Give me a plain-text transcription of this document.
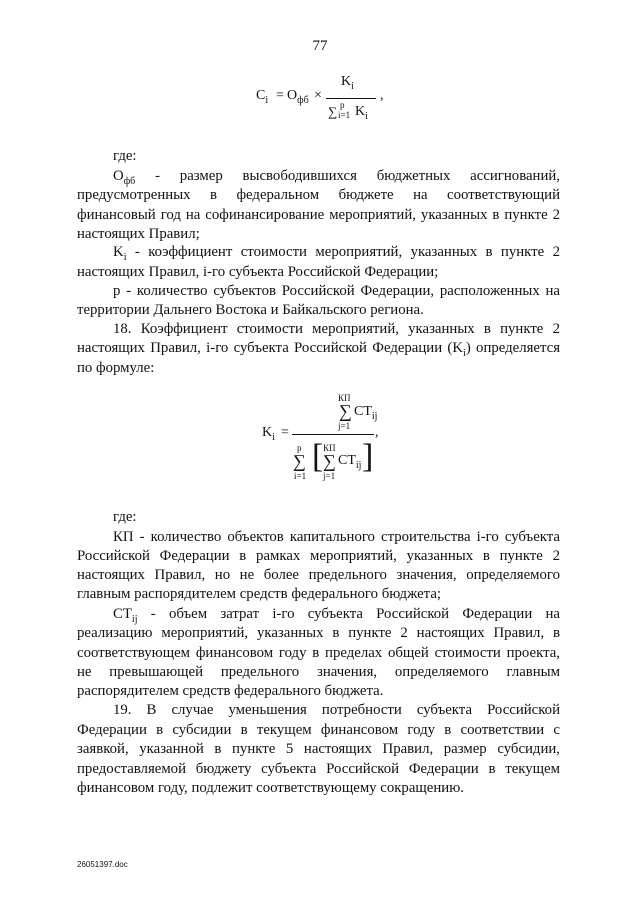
77
$C_i = O_{фб}$ ×
$K_i$
∑ p
i=1 $K_i$
,
где:
$O_{фб}$ - размер высвободившихся бюджетных ассигнований,
предусмотренных в федеральном бюджете на соответствующий
финансовый год на софинансирование мероприятий, указанных в пункте 2
настоящих Правил;
$K_i$ - коэффициент стоимости мероприятий, указанных в пункте 2
настоящих Правил, i-го субъекта Российской Федерации;
p - количество субъектов Российской Федерации, расположенных на
территории Дальнего Востока и Байкальского региона.
18. Коэффициент стоимости мероприятий, указанных в пункте 2
настоящих Правил, i-го субъекта Российской Федерации $(K_i)$ определяется
по формуле:
$K_i$ =
КП
∑ $CT_{ij}$
j=1
p
∑
i=1
[ КП
∑ $CT_{ij}$
j=1
]
,
где:
КП - количество объектов капитального строительства i-го субъекта
Российской Федерации в рамках мероприятий, указанных в пункте 2
настоящих Правил, но не более предельного значения, определяемого
главным распорядителем средств федерального бюджета;
$CT_{ij}$ - объем затрат i-го субъекта Российской Федерации на
реализацию мероприятий, указанных в пункте 2 настоящих Правил, в
соответствующем финансовом году в пределах общей стоимости проекта,
не превышающей предельного значения, определяемого главным
распорядителем средств федерального бюджета.
19. В случае уменьшения потребности субъекта Российской
Федерации в субсидии в текущем финансовом году в соответствии с
заявкой, указанной в пункте 5 настоящих Правил, размер субсидии,
предоставляемой бюджету субъекта Российской Федерации в текущем
финансовом году, подлежит соответствующему сокращению.
26051397.doc
